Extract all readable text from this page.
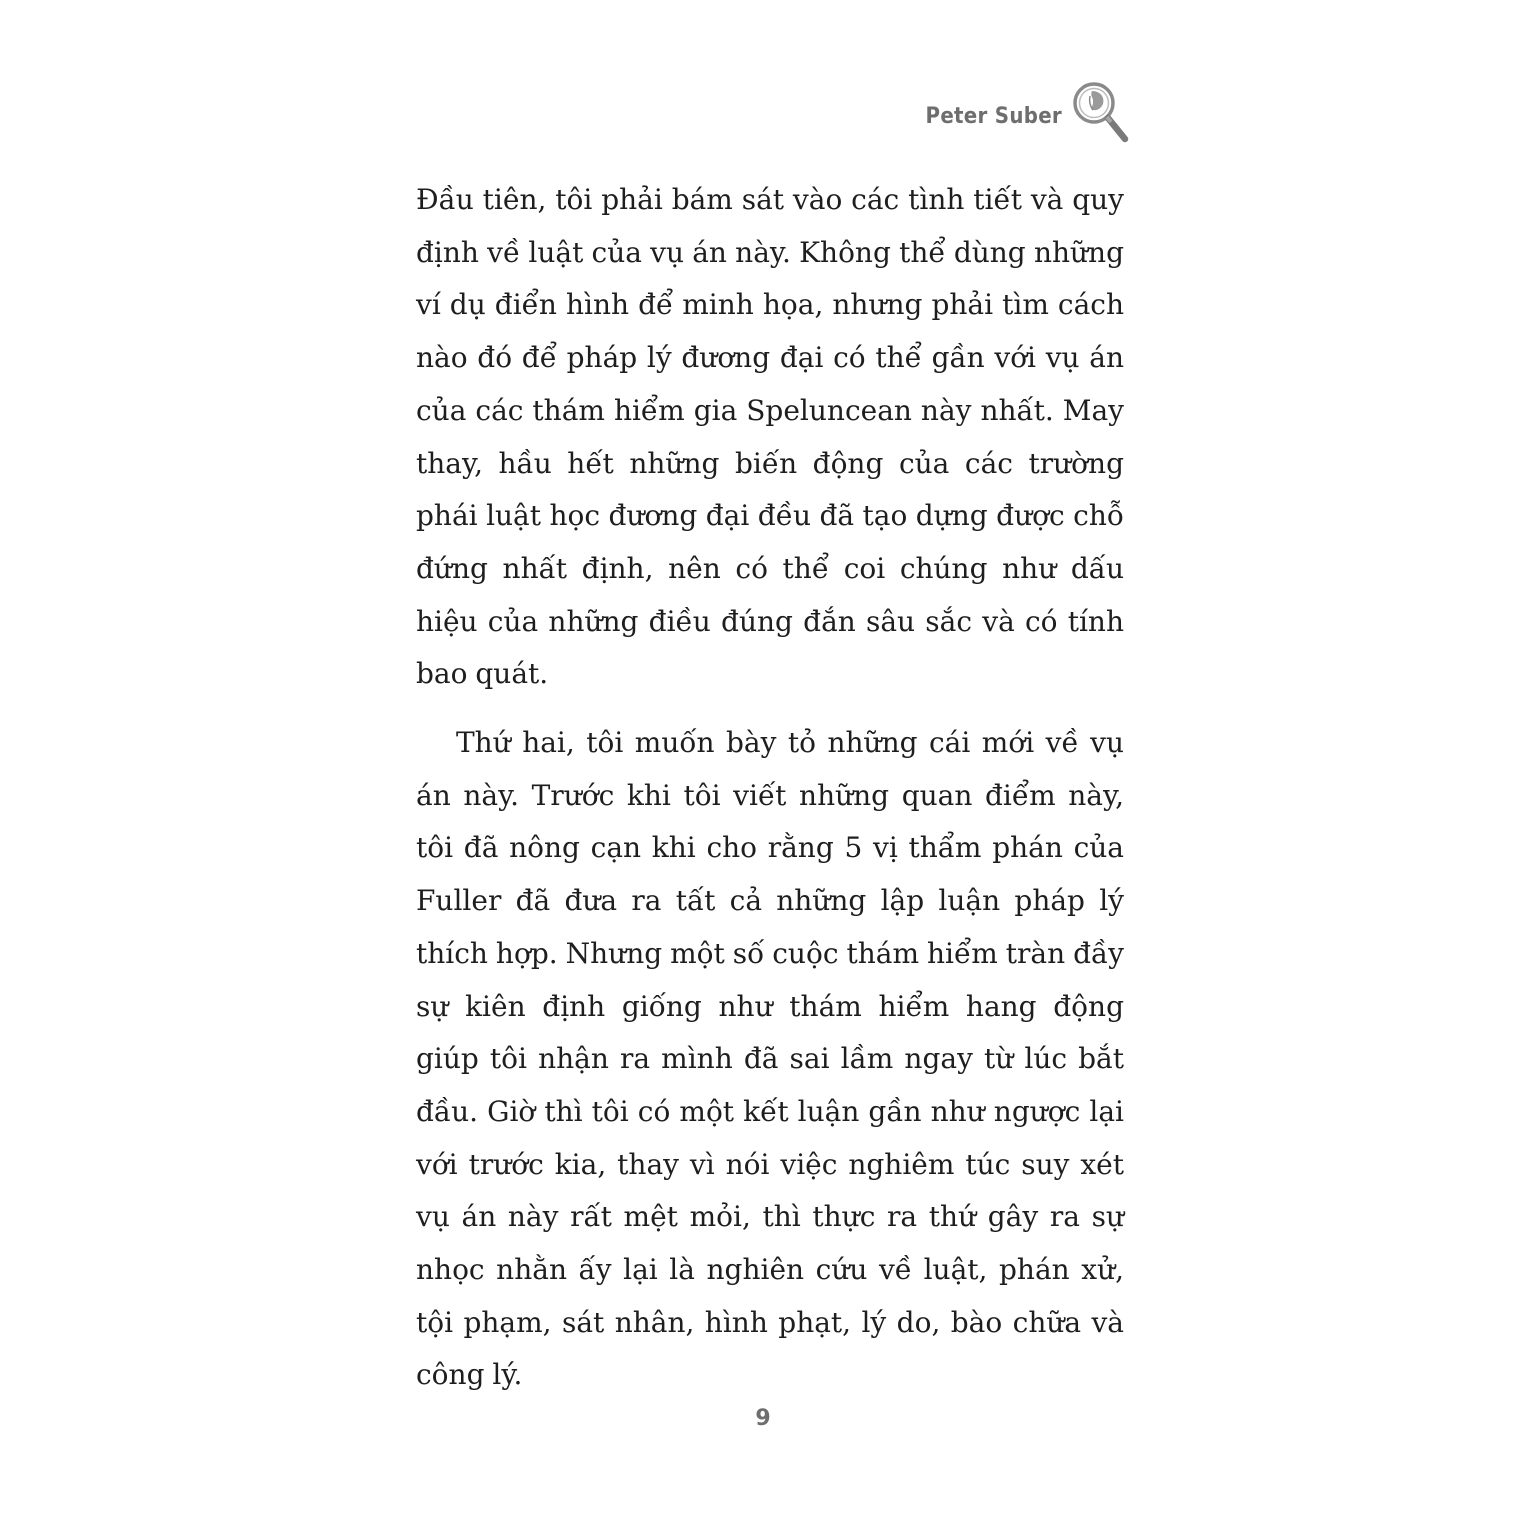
Peter Suber

Đầu tiên, tôi phải bám sát vào các tình tiết và quy định về luật của vụ án này. Không thể dùng những ví dụ điển hình để minh họa, nhưng phải tìm cách nào đó để pháp lý đương đại có thể gần với vụ án của các thám hiểm gia Speluncean này nhất. May thay, hầu hết những biến động của các trường phái luật học đương đại đều đã tạo dựng được chỗ đứng nhất định, nên có thể coi chúng như dấu hiệu của những điều đúng đắn sâu sắc và có tính bao quát.

Thứ hai, tôi muốn bày tỏ những cái mới về vụ án này. Trước khi tôi viết những quan điểm này, tôi đã nông cạn khi cho rằng 5 vị thẩm phán của Fuller đã đưa ra tất cả những lập luận pháp lý thích hợp. Nhưng một số cuộc thám hiểm tràn đầy sự kiên định giống như thám hiểm hang động giúp tôi nhận ra mình đã sai lầm ngay từ lúc bắt đầu. Giờ thì tôi có một kết luận gần như ngược lại với trước kia, thay vì nói việc nghiêm túc suy xét vụ án này rất mệt mỏi, thì thực ra thứ gây ra sự nhọc nhằn ấy lại là nghiên cứu về luật, phán xử, tội phạm, sát nhân, hình phạt, lý do, bào chữa và công lý.

9
